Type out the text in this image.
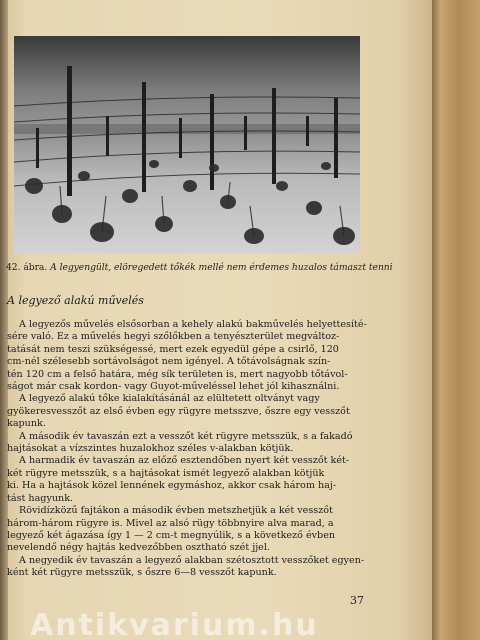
42. ábra. A legyengült, elöregedett tőkék mellé nem érdemes huzalos támaszt tenni
A legyező alakú művelés
A legyezős művelés elsősorban a kehely alakú bakművelés helyettesíté-
sére való. Ez a művelés hegyi szőlőkben a tenyészterület megváltoz-
tatását nem teszi szükségessé, mert ezek egyedül gépe a csirlő, 120
cm-nél szélesebb sortávolságot nem igényel. A tőtávolságnak szín-
tén 120 cm a felső határa, még sík területen is, mert nagyobb tőtávol-
ságot már csak kordon- vagy Guyot-műveléssel lehet jól kihasználni.
A legyező alakú tőke kialakításánál az elültetett oltványt vagy
gyökeresvesszőt az első évben egy rügyre metsszve, őszre egy vesszőt
kapunk.
A második év tavaszán ezt a vesszőt két rügyre metsszük, s a fakadó
hajtásokat a vízszintes huzalokhoz széles v-alakban kötjük.
A harmadik év tavaszán az előző esztendőben nyert két vesszőt két-
két rügyre metsszük, s a hajtásokat ismét legyező alakban kötjük
ki. Ha a hajtások közel lennének egymáshoz, akkor csak három haj-
tást hagyunk.
Rövidízközű fajtákon a második évben metszhetjük a két vesszőt
három-három rügyre is. Mivel az alsó rügy többnyire alva marad, a
legyező két ágazása így 1 — 2 cm-t megnyúlik, s a következő évben
nevelendő négy hajtás kedvezőbben osztható szét jjel.
A negyedik év tavaszán a legyező alakban szétosztott vesszőket egyen-
ként két rügyre metsszük, s őszre 6—8 vesszőt kapunk.
37
Antikvarium.hu
